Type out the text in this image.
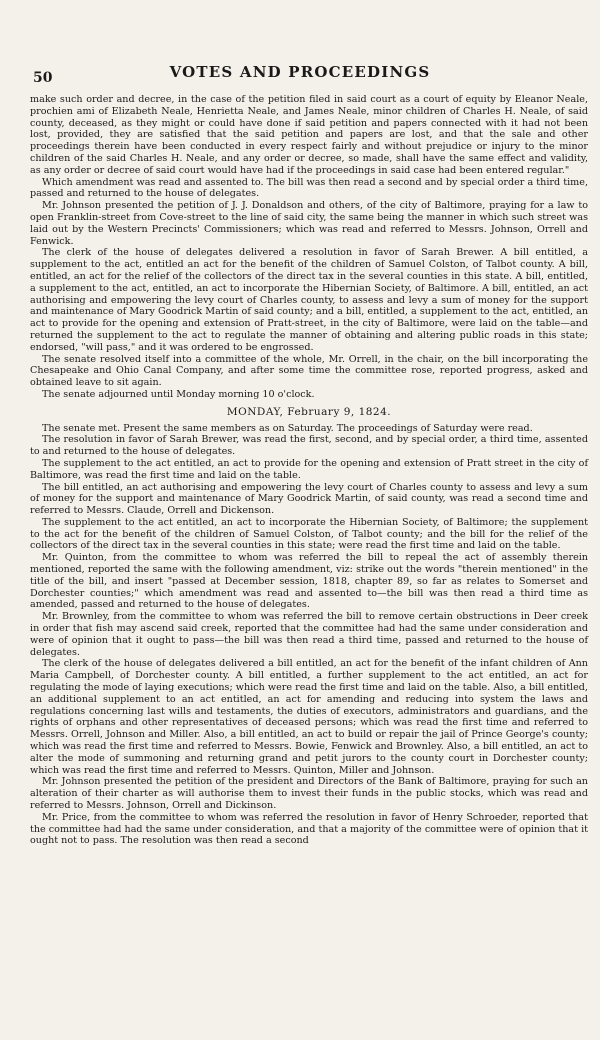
50	VOTES AND PROCEEDINGS

make such order and decree, in the case of the petition filed in said court as a court of equity by Eleanor Neale, prochien ami of Elizabeth Neale, Henrietta Neale, and James Neale, minor children of Charles H. Neale, of said county, deceased, as they might or could have done if said petition and papers connected with it had not been lost, provided, they are satisfied that the said petition and papers are lost, and that the sale and other proceedings therein have been conducted in every respect fairly and without prejudice or injury to the minor children of the said Charles H. Neale, and any order or decree, so made, shall have the same effect and validity, as any order or decree of said court would have had if the proceedings in said case had been entered regular."

Which amendment was read and assented to. The bill was then read a second and by special order a third time, passed and returned to the house of delegates.

Mr. Johnson presented the petition of J. J. Donaldson and others, of the city of Baltimore, praying for a law to open Franklin-street from Cove-street to the line of said city, the same being the manner in which such street was laid out by the Western Precincts' Commissioners; which was read and referred to Messrs. Johnson, Orrell and Fenwick.

The clerk of the house of delegates delivered a resolution in favor of Sarah Brewer. A bill entitled, a supplement to the act, entitled an act for the benefit of the children of Samuel Colston, of Talbot county. A bill, entitled, an act for the relief of the collectors of the direct tax in the several counties in this state. A bill, entitled, a supplement to the act, entitled, an act to incorporate the Hibernian Society, of Baltimore. A bill, entitled, an act authorising and empowering the levy court of Charles county, to assess and levy a sum of money for the support and maintenance of Mary Goodrick Martin of said county; and a bill, entitled, a supplement to the act, entitled, an act to provide for the opening and extension of Pratt-street, in the city of Baltimore, were laid on the table—and returned the supplement to the act to regulate the manner of obtaining and altering public roads in this state; endorsed, "will pass," and it was ordered to be engrossed.

The senate resolved itself into a committee of the whole, Mr. Orrell, in the chair, on the bill incorporating the Chesapeake and Ohio Canal Company, and after some time the committee rose, reported progress, asked and obtained leave to sit again.

The senate adjourned until Monday morning 10 o'clock.

MONDAY, February 9, 1824.

The senate met. Present the same members as on Saturday. The proceedings of Saturday were read.

The resolution in favor of Sarah Brewer, was read the first, second, and by special order, a third time, assented to and returned to the house of delegates.

The supplement to the act entitled, an act to provide for the opening and extension of Pratt street in the city of Baltimore, was read the first time and laid on the table.

The bill entitled, an act authorising and empowering the levy court of Charles county to assess and levy a sum of money for the support and maintenance of Mary Goodrick Martin, of said county, was read a second time and referred to Messrs. Claude, Orrell and Dickenson.

The supplement to the act entitled, an act to incorporate the Hibernian Society, of Baltimore; the supplement to the act for the benefit of the children of Samuel Colston, of Talbot county; and the bill for the relief of the collectors of the direct tax in the several counties in this state; were read the first time and laid on the table.

Mr. Quinton, from the committee to whom was referred the bill to repeal the act of assembly therein mentioned, reported the same with the following amendment, viz: strike out the words "therein mentioned" in the title of the bill, and insert "passed at December session, 1818, chapter 89, so far as relates to Somerset and Dorchester counties;" which amendment was read and assented to—the bill was then read a third time as amended, passed and returned to the house of delegates.

Mr. Brownley, from the committee to whom was referred the bill to remove certain obstructions in Deer creek in order that fish may ascend said creek, reported that the committee had had the same under consideration and were of opinion that it ought to pass—the bill was then read a third time, passed and returned to the house of delegates.

The clerk of the house of delegates delivered a bill entitled, an act for the benefit of the infant children of Ann Maria Campbell, of Dorchester county. A bill entitled, a further supplement to the act entitled, an act for regulating the mode of laying executions; which were read the first time and laid on the table. Also, a bill entitled, an additional supplement to an act entitled, an act for amending and reducing into system the laws and regulations concerning last wills and testaments, the duties of executors, administrators and guardians, and the rights of orphans and other representatives of deceased persons; which was read the first time and referred to Messrs. Orrell, Johnson and Miller. Also, a bill entitled, an act to build or repair the jail of Prince George's county; which was read the first time and referred to Messrs. Bowie, Fenwick and Brownley. Also, a bill entitled, an act to alter the mode of summoning and returning grand and petit jurors to the county court in Dorchester county; which was read the first time and referred to Messrs. Quinton, Miller and Johnson.

Mr. Johnson presented the petition of the president and Directors of the Bank of Baltimore, praying for such an alteration of their charter as will authorise them to invest their funds in the public stocks, which was read and referred to Messrs. Johnson, Orrell and Dickinson.

Mr. Price, from the committee to whom was referred the resolution in favor of Henry Schroeder, reported that the committee had had the same under consideration, and that a majority of the committee were of opinion that it ought not to pass. The resolution was then read a second
